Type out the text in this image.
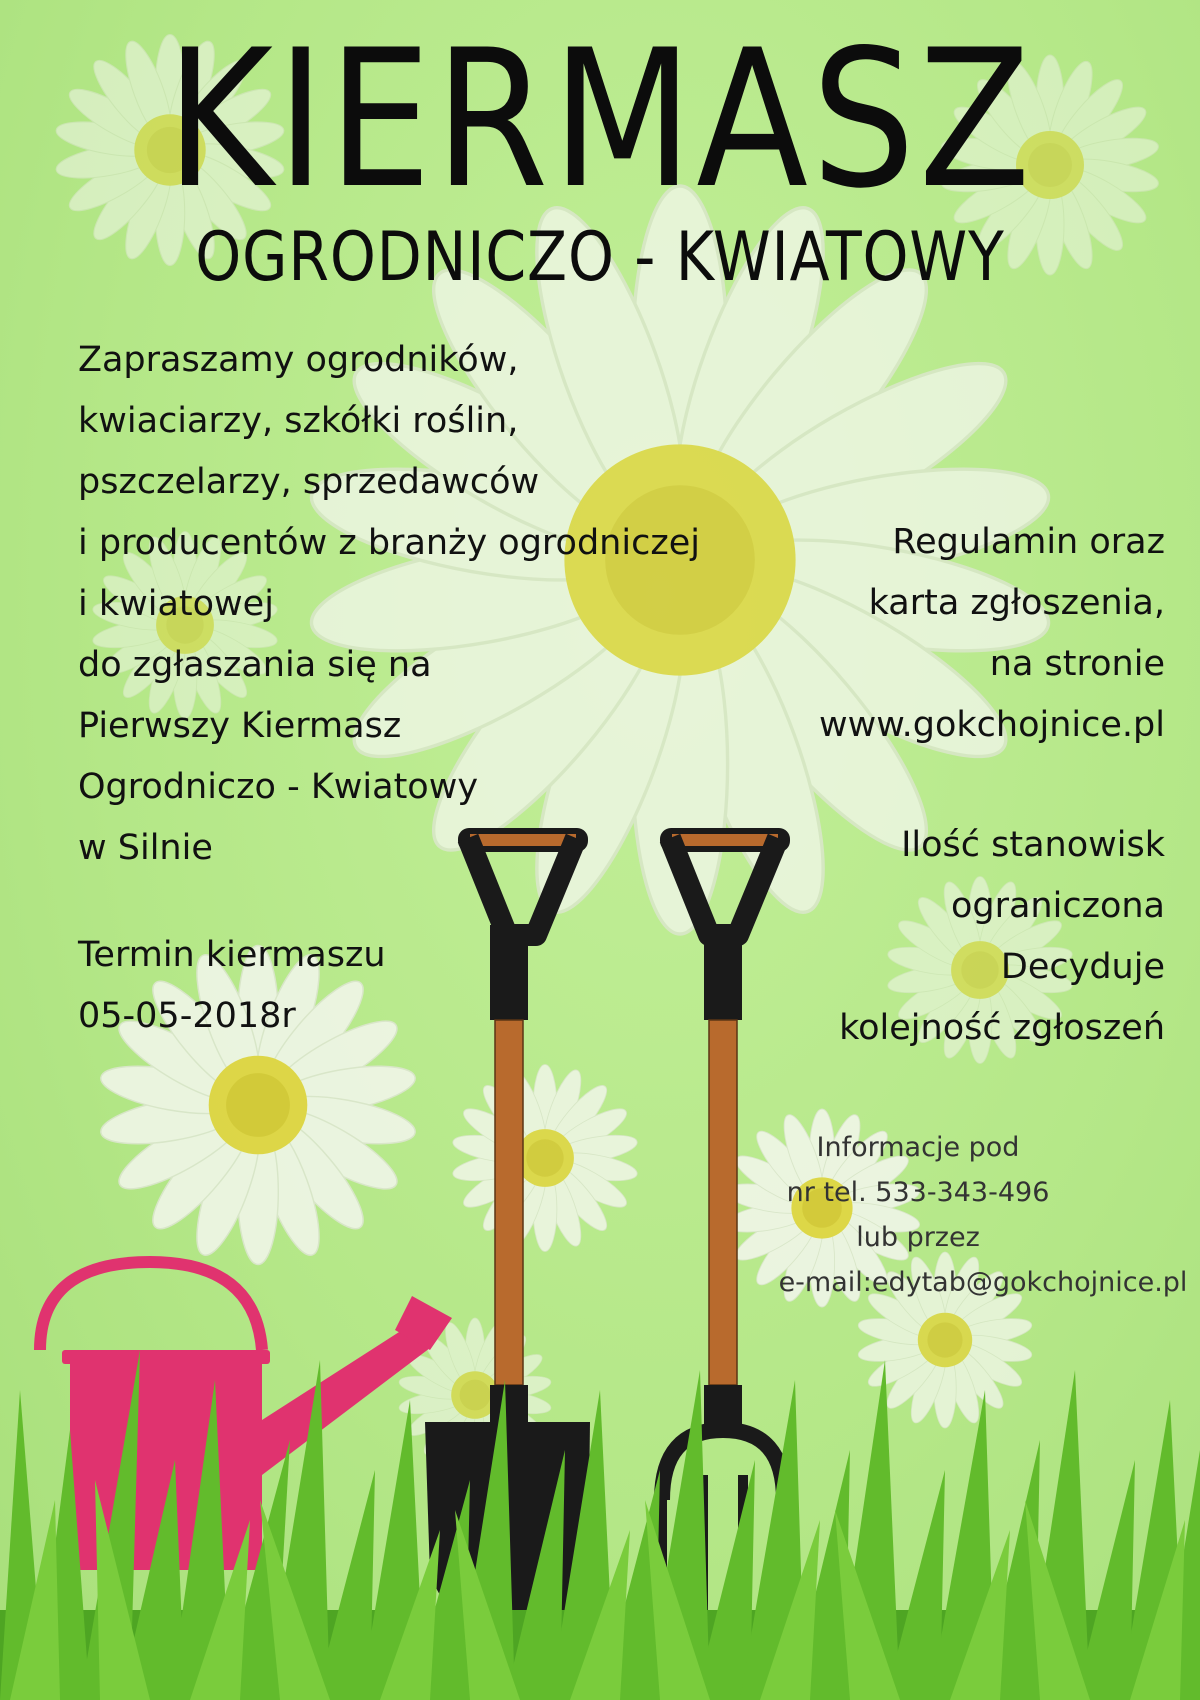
KIERMASZ
OGRODNICZO - KWIATOWY
Zapraszamy ogrodników,
kwiaciarzy, szkółki roślin,
pszczelarzy, sprzedawców
i producentów z branży ogrodniczej
i kwiatowej
do zgłaszania się na
Pierwszy Kiermasz
Ogrodniczo - Kwiatowy
w Silnie
Termin kiermaszu
05-05-2018r
Regulamin oraz
karta zgłoszenia,
na stronie
www.gokchojnice.pl
Ilość stanowisk
ograniczona
Decyduje
kolejność zgłoszeń
Informacje pod
nr tel. 533-343-496
lub przez
e-mail:edytab@gokchojnice.pl
